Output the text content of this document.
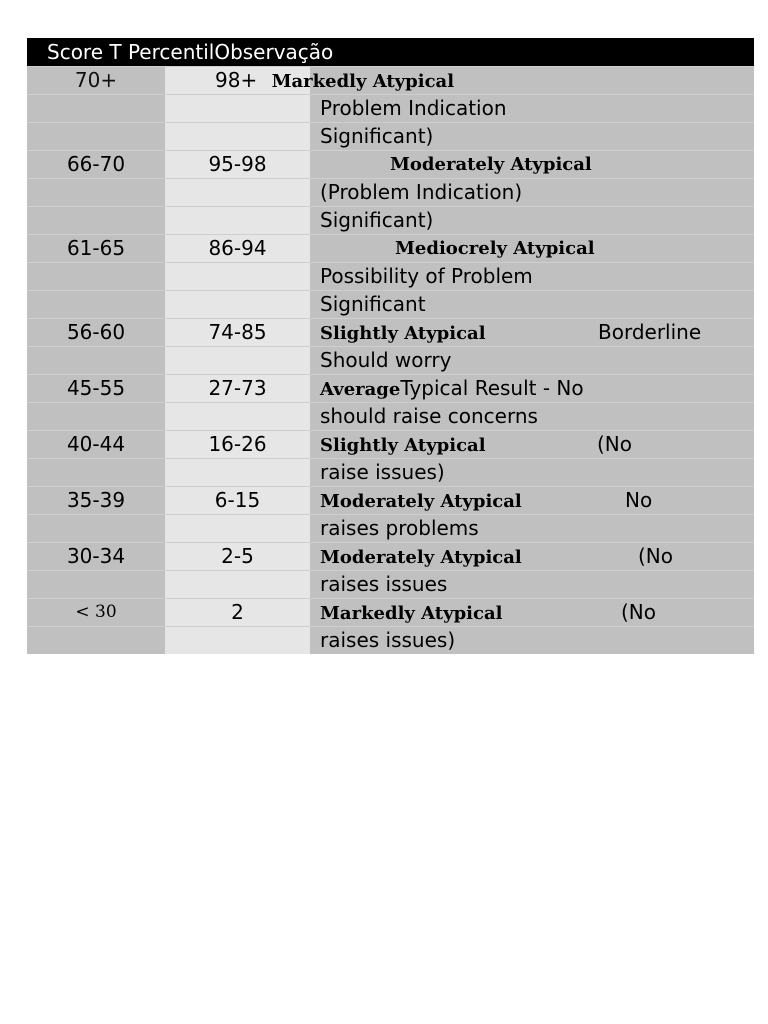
Score T PercentilObservação
70+	98+ Markedly Atypical
Problem Indication
Significant)
66-70	95-98	Moderately Atypical
(Problem Indication)
Significant)
61-65	86-94	Mediocrely Atypical
Possibility of Problem
Significant
56-60	74-85	Slightly Atypical	Borderline
Should worry
45-55	27-73	AverageTypical Result - No
should raise concerns
40-44	16-26	Slightly Atypical	(No
raise issues)
35-39	6-15	Moderately Atypical	No
raises problems
30-34	2-5	Moderately Atypical	(No
raises issues
< 30	2	Markedly Atypical	(No
raises issues)
